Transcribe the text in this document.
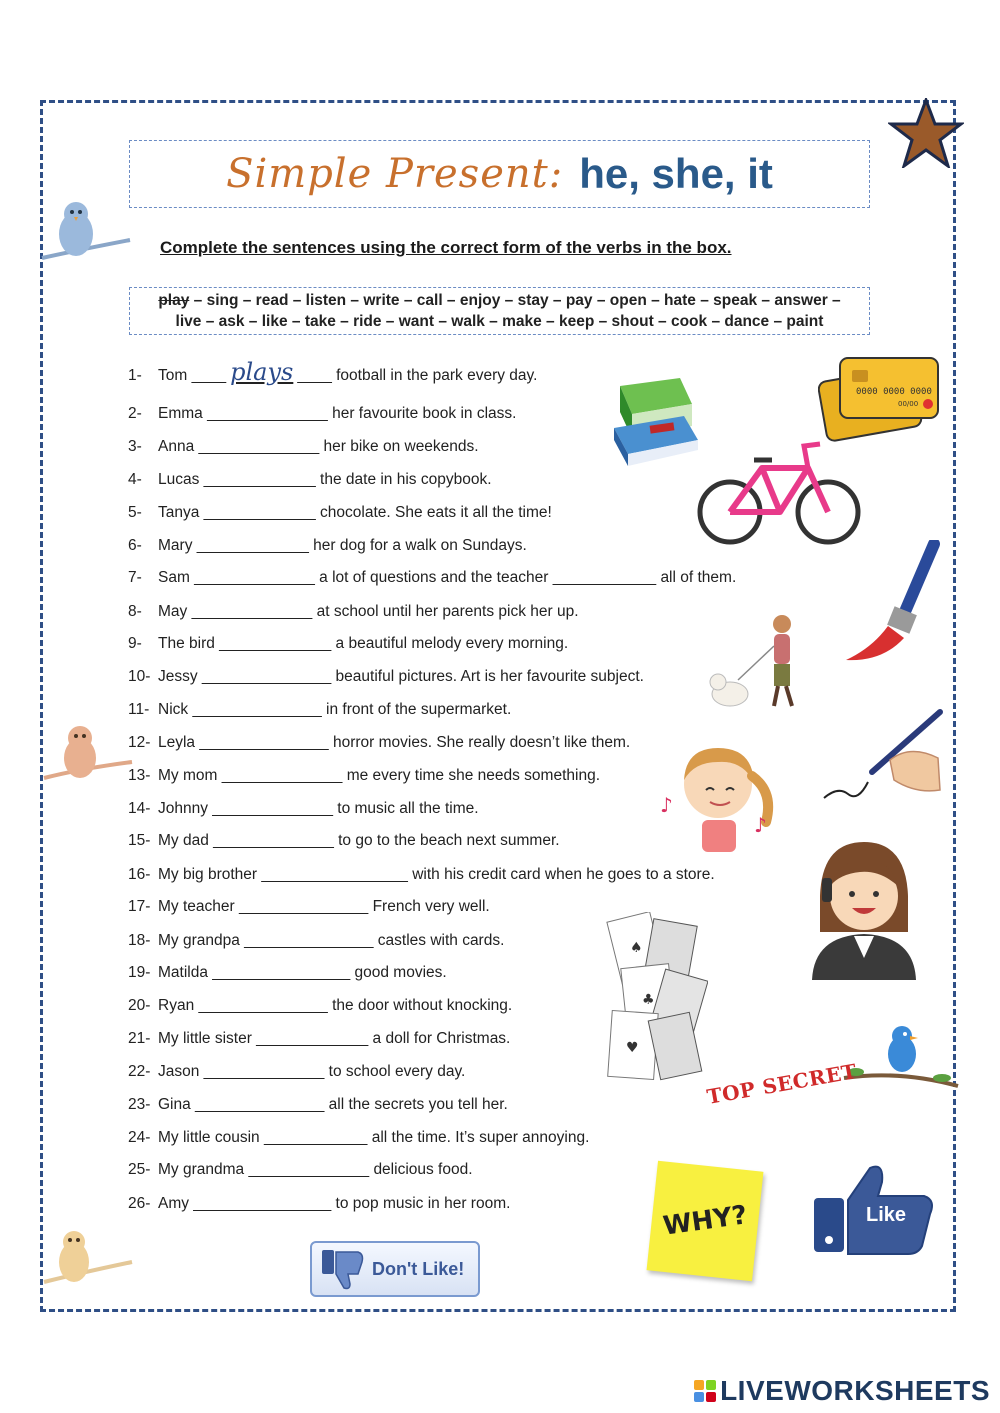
Simple Present: he, she, it
Complete the sentences using the correct form of the verbs in the box.
play – sing – read – listen – write – call – enjoy – stay – pay – open – hate – speak – answer –
live – ask – like – take – ride – want – walk – make – keep – shout – cook – dance – paint
1- Tom ____ plays ____ football in the park every day.
2- Emma ______________ her favourite book in class.
3- Anna ______________ her bike on weekends.
4- Lucas _____________ the date in his copybook.
5- Tanya _____________ chocolate. She eats it all the time!
6- Mary _____________ her dog for a walk on Sundays.
7- Sam ______________ a lot of questions and the teacher ____________ all of them.
8- May ______________ at school until her parents pick her up.
9- The bird _____________ a beautiful melody every morning.
10- Jessy _______________ beautiful pictures. Art is her favourite subject.
11- Nick _______________ in front of the supermarket.
12- Leyla _______________ horror movies. She really doesn’t like them.
13- My mom ______________ me every time she needs something.
14- Johnny ______________ to music all the time.
15- My dad ______________ to go to the beach next summer.
16- My big brother _________________ with his credit card when he goes to a store.
17- My teacher _______________ French very well.
18- My grandpa _______________ castles with cards.
19- Matilda ________________ good movies.
20- Ryan _______________ the door without knocking.
21- My little sister _____________ a doll for Christmas.
22- Jason ______________ to school every day.
23- Gina _______________ all the secrets you tell her.
24- My little cousin ____________ all the time. It’s super annoying.
25- My grandma ______________ delicious food.
26- Amy ________________ to pop music in her room.
0000 0000 0000
00/00
♪
♪
♠
♣
♥
TOP SECRET
WHY?	Like
Don't Like!
LIVEWORKSHEETS
